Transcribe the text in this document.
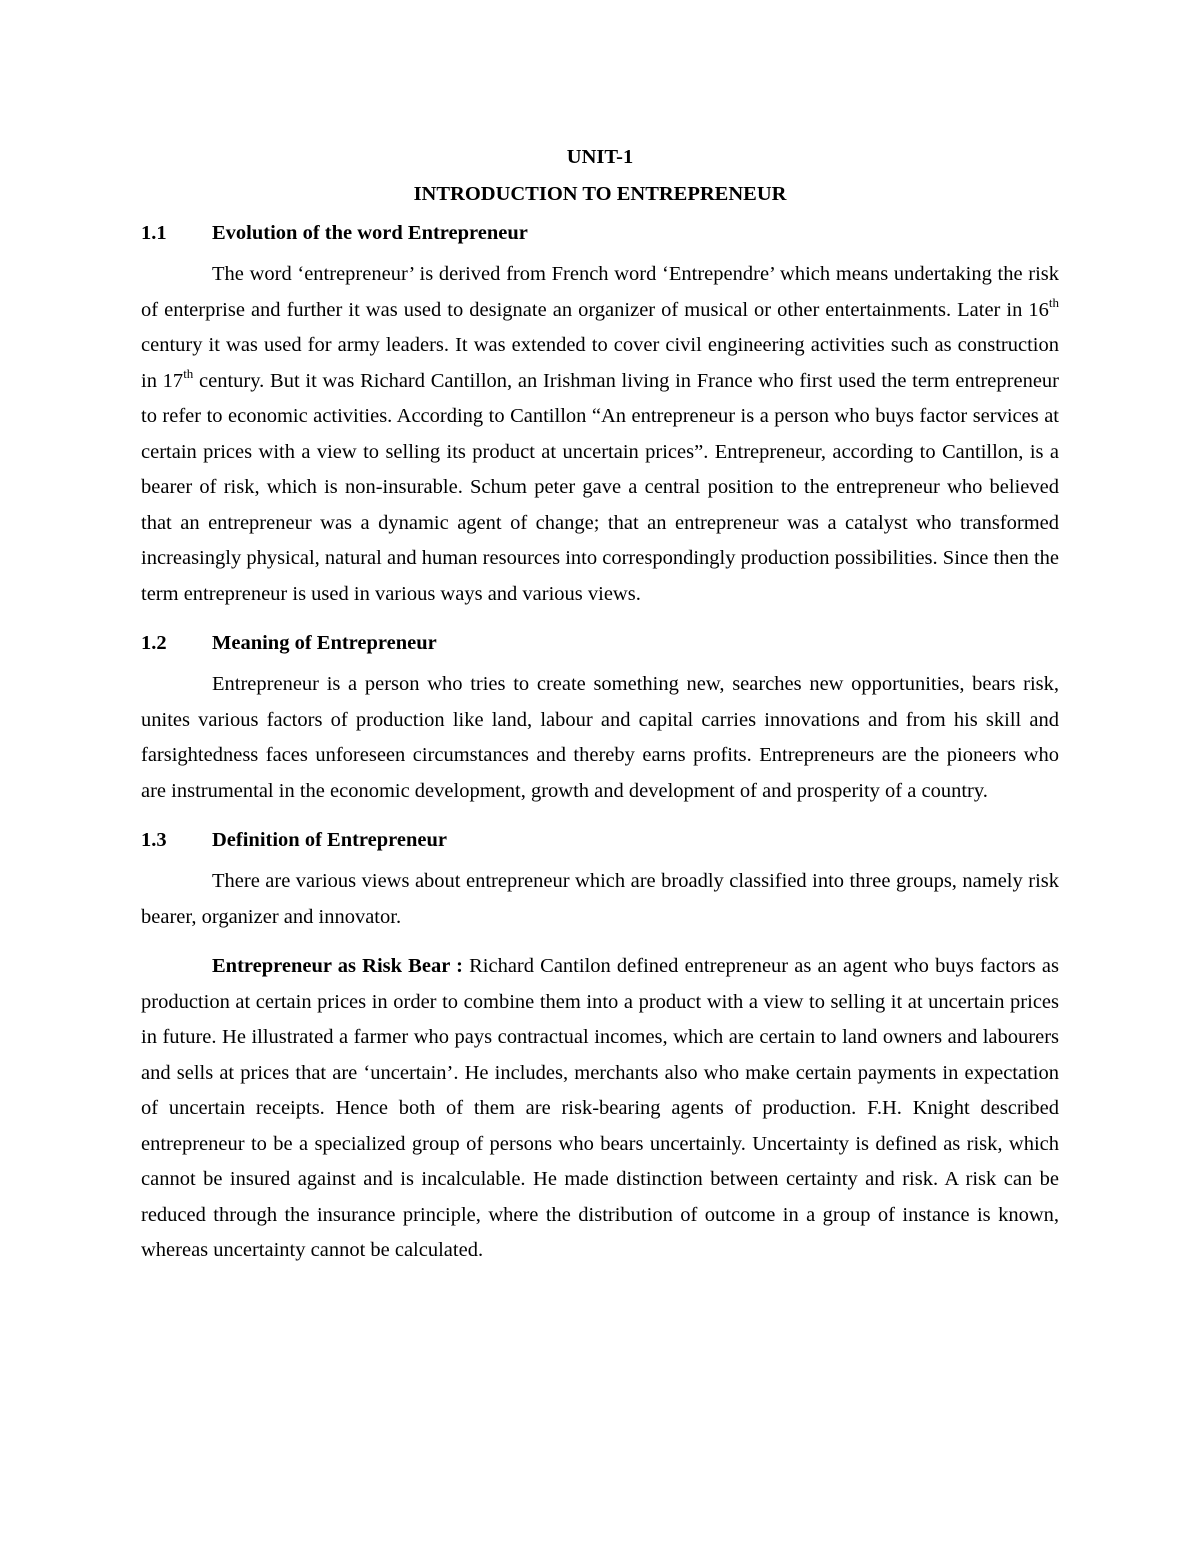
UNIT-1
INTRODUCTION TO ENTREPRENEUR
1.1	Evolution of the word Entrepreneur

The word ‘entrepreneur’ is derived from French word ‘Entrependre’ which means undertaking the risk of enterprise and further it was used to designate an organizer of musical or other entertainments. Later in 16th century it was used for army leaders. It was extended to cover civil engineering activities such as construction in 17th century. But it was Richard Cantillon, an Irishman living in France who first used the term entrepreneur to refer to economic activities. According to Cantillon “An entrepreneur is a person who buys factor services at certain prices with a view to selling its product at uncertain prices”. Entrepreneur, according to Cantillon, is a bearer of risk, which is non-insurable. Schum peter gave a central position to the entrepreneur who believed that an entrepreneur was a dynamic agent of change; that an entrepreneur was a catalyst who transformed increasingly physical, natural and human resources into correspondingly production possibilities. Since then the term entrepreneur is used in various ways and various views.

1.2	Meaning of Entrepreneur

Entrepreneur is a person who tries to create something new, searches new opportunities, bears risk, unites various factors of production like land, labour and capital carries innovations and from his skill and farsightedness faces unforeseen circumstances and thereby earns profits. Entrepreneurs are the pioneers who are instrumental in the economic development, growth and development of and prosperity of a country.

1.3	Definition of Entrepreneur

There are various views about entrepreneur which are broadly classified into three groups, namely risk bearer, organizer and innovator.

Entrepreneur as Risk Bear : Richard Cantilon defined entrepreneur as an agent who buys factors as production at certain prices in order to combine them into a product with a view to selling it at uncertain prices in future. He illustrated a farmer who pays contractual incomes, which are certain to land owners and labourers and sells at prices that are ‘uncertain’. He includes, merchants also who make certain payments in expectation of uncertain receipts. Hence both of them are risk-bearing agents of production. F.H. Knight described entrepreneur to be a specialized group of persons who bears uncertainly. Uncertainty is defined as risk, which cannot be insured against and is incalculable. He made distinction between certainty and risk. A risk can be reduced through the insurance principle, where the distribution of outcome in a group of instance is known, whereas uncertainty cannot be calculated.
